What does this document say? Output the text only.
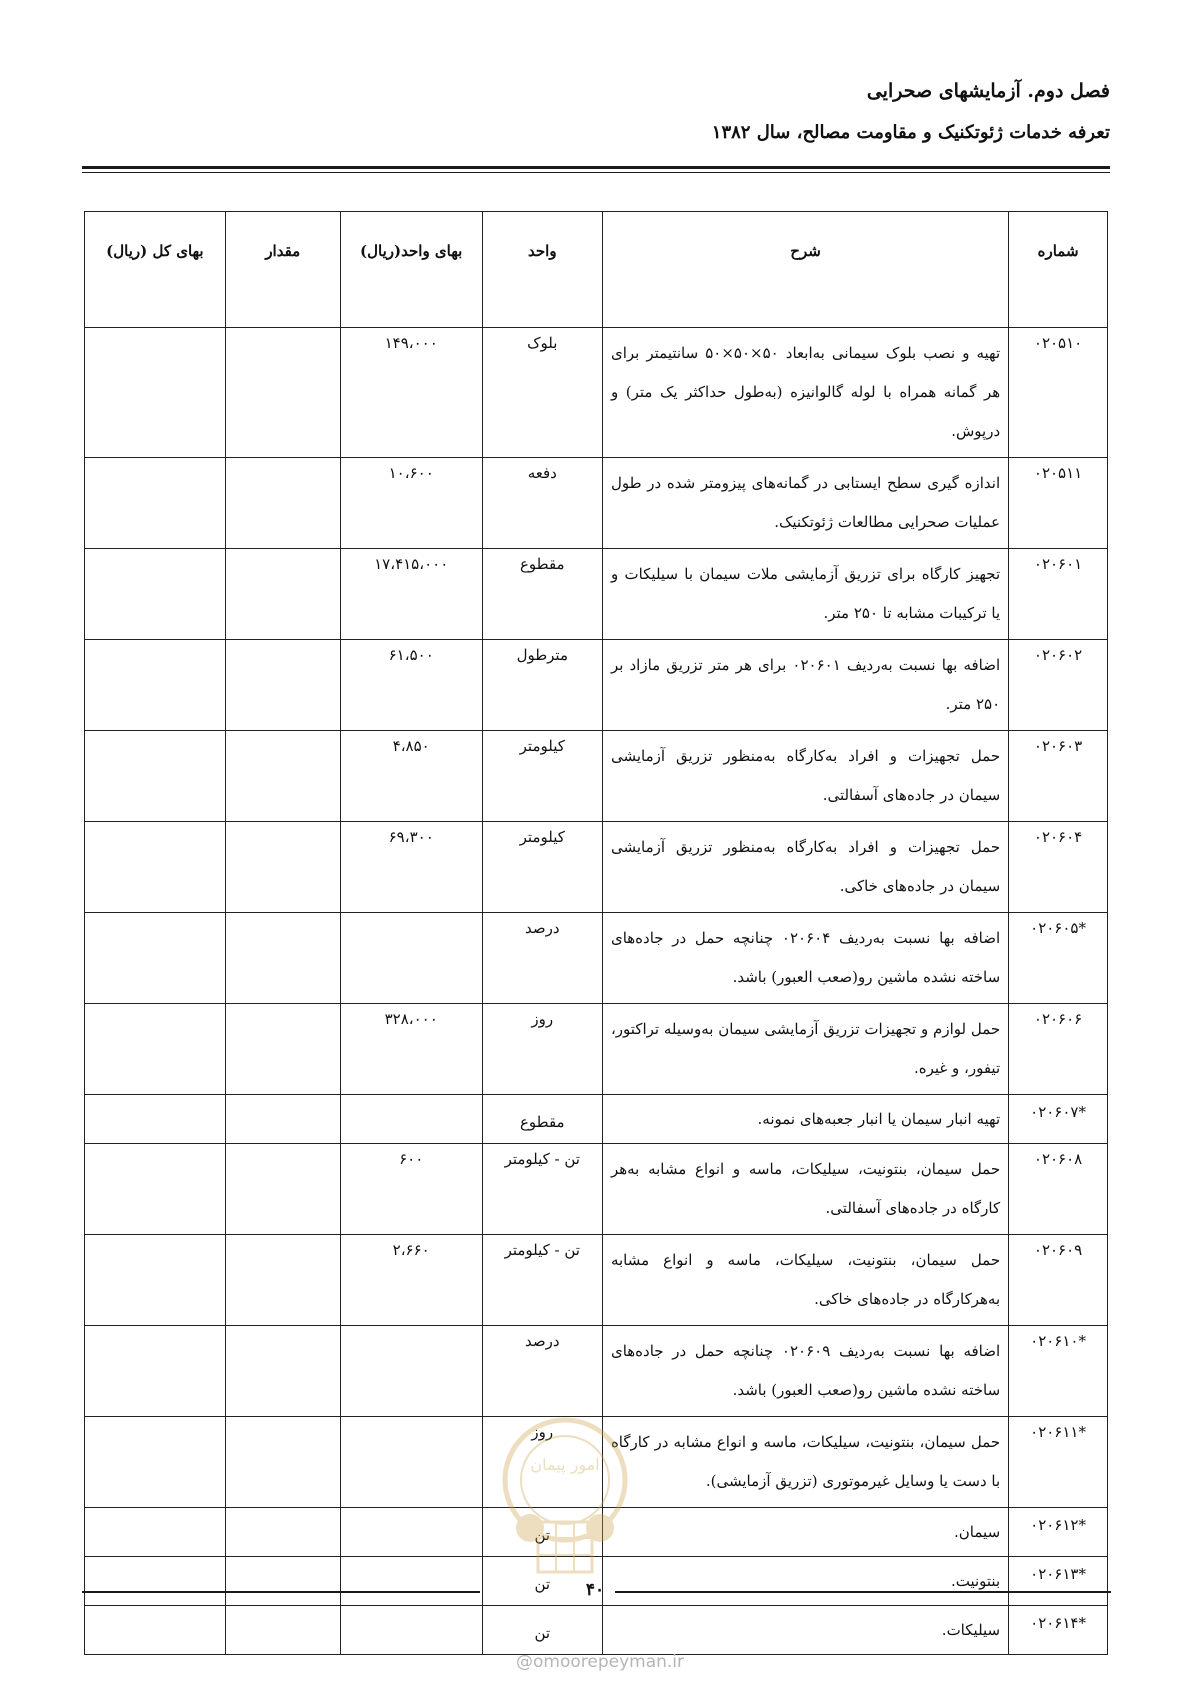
فصل دوم. آزمایشهای صحرایی
تعرفه خدمات ژئوتکنیک و مقاومت مصالح، سال ۱۳۸۲
شماره	شرح	واحد	بهای واحد(ریال)	مقدار	بهای کل (ریال)
۰۲۰۵۱۰	تهیه و نصب بلوک سیمانی به‌ابعاد ۵۰×۵۰×۵۰ سانتیمتر برای هر گمانه همراه با لوله گالوانیزه (به‌طول حداکثر یک متر) و درپوش.	بلوک	۱۴۹،۰۰۰		
۰۲۰۵۱۱	اندازه گیری سطح ایستابی در گمانه‌های پیزومتر شده در طول عملیات صحرایی مطالعات ژئوتکنیک.	دفعه	۱۰،۶۰۰		
۰۲۰۶۰۱	تجهیز کارگاه برای تزریق آزمایشی ملات سیمان با سیلیکات و یا ترکیبات مشابه تا ۲۵۰ متر.	مقطوع	۱۷،۴۱۵،۰۰۰		
۰۲۰۶۰۲	اضافه بها نسبت به‌ردیف ۰۲۰۶۰۱ برای هر متر تزریق مازاد بر ۲۵۰ متر.	مترطول	۶۱،۵۰۰		
۰۲۰۶۰۳	حمل تجهیزات و افراد به‌کارگاه به‌منظور تزریق آزمایشی سیمان در جاده‌های آسفالتی.	کیلومتر	۴،۸۵۰		
۰۲۰۶۰۴	حمل تجهیزات و افراد به‌کارگاه به‌منظور تزریق آزمایشی سیمان در جاده‌های خاکی.	کیلومتر	۶۹،۳۰۰		
*۰۲۰۶۰۵	اضافه بها نسبت به‌ردیف ۰۲۰۶۰۴ چنانچه حمل در جاده‌های ساخته نشده ماشین رو(صعب العبور) باشد.	درصد			
۰۲۰۶۰۶	حمل لوازم و تجهیزات تزریق آزمایشی سیمان به‌وسیله تراکتور، تیفور، و غیره.	روز	۳۲۸،۰۰۰		
*۰۲۰۶۰۷	تهیه انبار سیمان یا انبار جعبه‌های نمونه.	مقطوع			
۰۲۰۶۰۸	حمل سیمان، بنتونیت، سیلیکات، ماسه و انواع مشابه به‌هر کارگاه در جاده‌های آسفالتی.	تن - کیلومتر	۶۰۰		
۰۲۰۶۰۹	حمل سیمان، بنتونیت، سیلیکات، ماسه و انواع مشابه به‌هرکارگاه در جاده‌های خاکی.	تن - کیلومتر	۲،۶۶۰		
*۰۲۰۶۱۰	اضافه بها نسبت به‌ردیف ۰۲۰۶۰۹ چنانچه حمل در جاده‌های ساخته نشده ماشین رو(صعب العبور) باشد.	درصد			
*۰۲۰۶۱۱	حمل سیمان، بنتونیت، سیلیکات، ماسه و انواع مشابه در کارگاه با دست یا وسایل غیرموتوری (تزریق آزمایشی).	روز			
*۰۲۰۶۱۲	سیمان.	تن			
*۰۲۰۶۱۳	بنتونیت.	تن			
*۰۲۰۶۱۴	سیلیکات.	تن			
امور پیمان
۴۰
@omoorepeyman.ir
